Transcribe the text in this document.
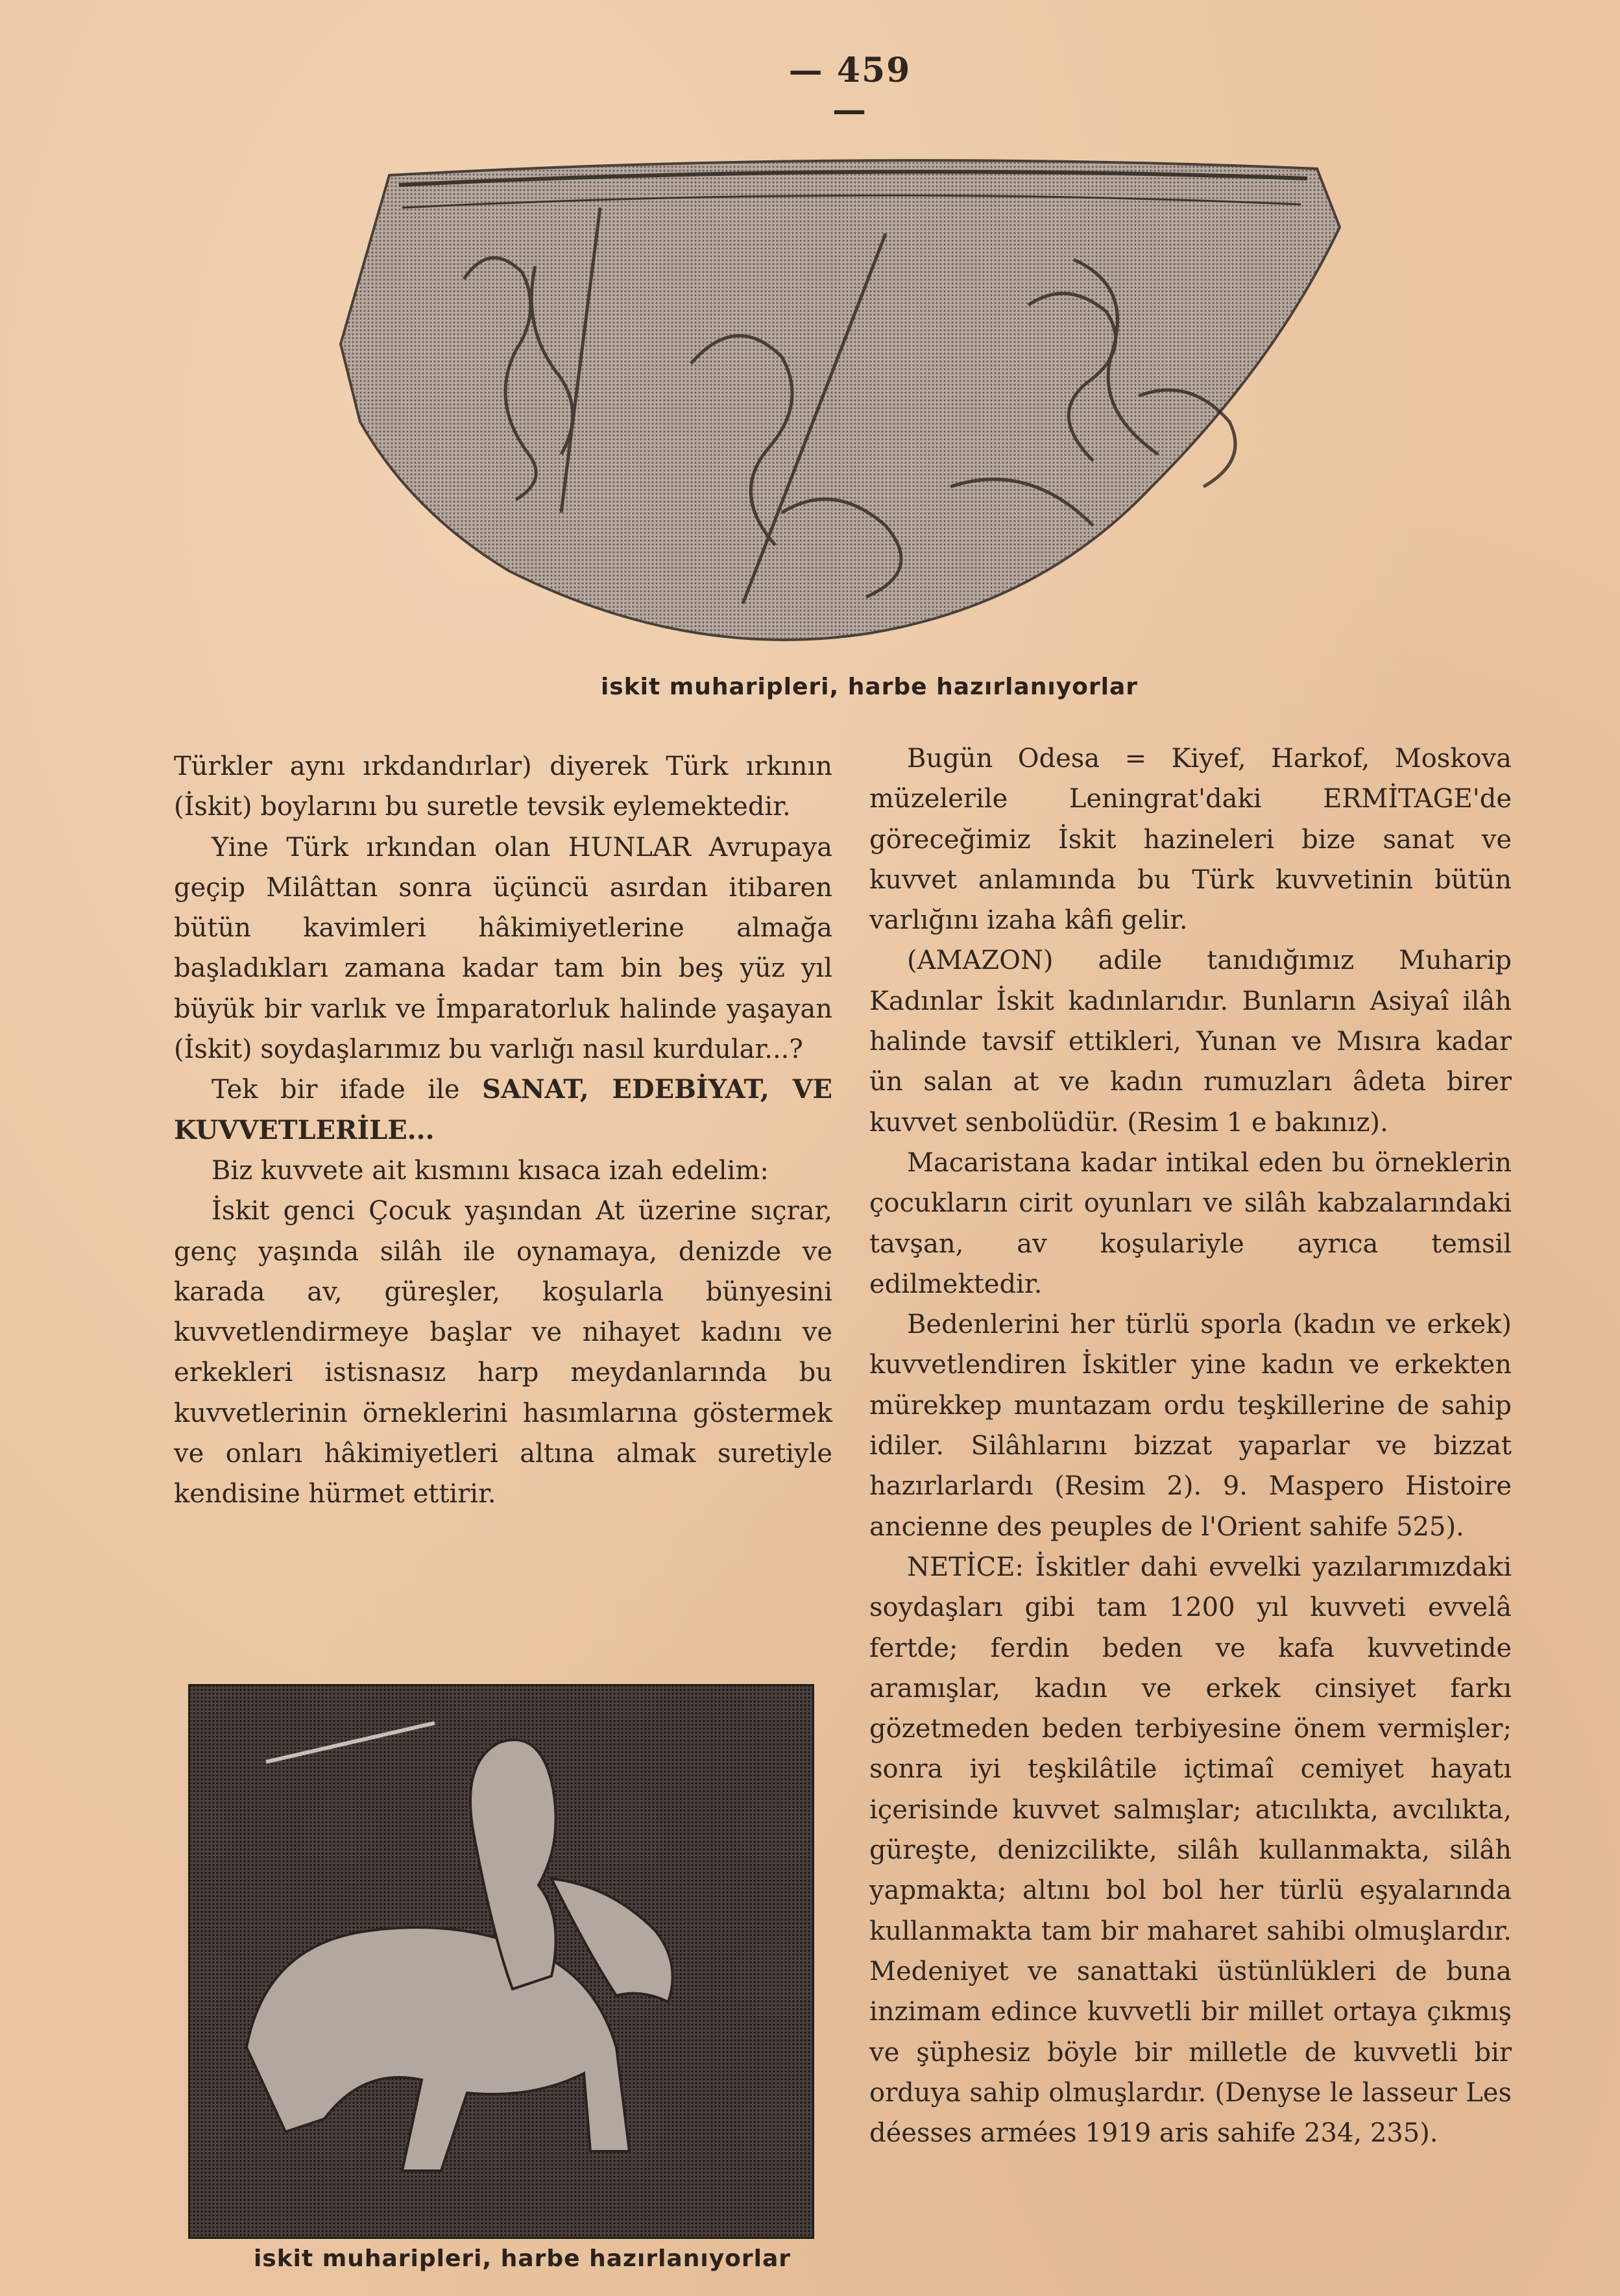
— 459 —
iskit muharipleri, harbe hazırlanıyorlar

Türkler aynı ırkdandırlar) diyerek Türk ırkının (İskit) boylarını bu suretle tevsik eylemektedir.

Yine Türk ırkından olan HUNLAR Avrupaya geçip Milâttan sonra üçüncü asırdan itibaren bütün kavimleri hâkimiyetlerine almağa başladıkları zamana kadar tam bin beş yüz yıl büyük bir varlık ve İmparatorluk halinde yaşayan (İskit) soydaşlarımız bu varlığı nasıl kurdular...?

Tek bir ifade ile SANAT, EDEBİYAT, VE KUVVETLERİLE...

Biz kuvvete ait kısmını kısaca izah edelim:

İskit genci Çocuk yaşından At üzerine sıçrar, genç yaşında silâh ile oynamaya, denizde ve karada av, güreşler, koşularla bünyesini kuvvetlendirmeye başlar ve nihayet kadını ve erkekleri istisnasız harp meydanlarında bu kuvvetlerinin örneklerini hasımlarına göstermek ve onları hâkimiyetleri altına almak suretiyle kendisine hürmet ettirir.

iskit muharipleri, harbe hazırlanıyorlar

Bugün Odesa = Kiyef, Harkof, Moskova müzelerile Leningrat'daki ERMİTAGE'de göreceğimiz İskit hazineleri bize sanat ve kuvvet anlamında bu Türk kuvvetinin bütün varlığını izaha kâfi gelir.

(AMAZON) adile tanıdığımız Muharip Kadınlar İskit kadınlarıdır. Bunların Asiyaî ilâh halinde tavsif ettikleri, Yunan ve Mısıra kadar ün salan at ve kadın rumuzları âdeta birer kuvvet senbolüdür. (Resim 1 e bakınız).

Macaristana kadar intikal eden bu örneklerin çocukların cirit oyunları ve silâh kabzalarındaki tavşan, av koşulariyle ayrıca temsil edilmektedir.

Bedenlerini her türlü sporla (kadın ve erkek) kuvvetlendiren İskitler yine kadın ve erkekten mürekkep muntazam ordu teşkillerine de sahip idiler. Silâhlarını bizzat yaparlar ve bizzat hazırlarlardı (Resim 2). 9. Maspero Histoire ancienne des peuples de l'Orient sahife 525).

NETİCE: İskitler dahi evvelki yazılarımızdaki soydaşları gibi tam 1200 yıl kuvveti evvelâ fertde; ferdin beden ve kafa kuvvetinde aramışlar, kadın ve erkek cinsiyet farkı gözetmeden beden terbiyesine önem vermişler; sonra iyi teşkilâtile içtimaî cemiyet hayatı içerisinde kuvvet salmışlar; atıcılıkta, avcılıkta, güreşte, denizcilikte, silâh kullanmakta, silâh yapmakta; altını bol bol her türlü eşyalarında kullanmakta tam bir maharet sahibi olmuşlardır. Medeniyet ve sanattaki üstünlükleri de buna inzimam edince kuvvetli bir millet ortaya çıkmış ve şüphesiz böyle bir milletle de kuvvetli bir orduya sahip olmuşlardır. (Denyse le lasseur Les déesses armées 1919 aris sahife 234, 235).
